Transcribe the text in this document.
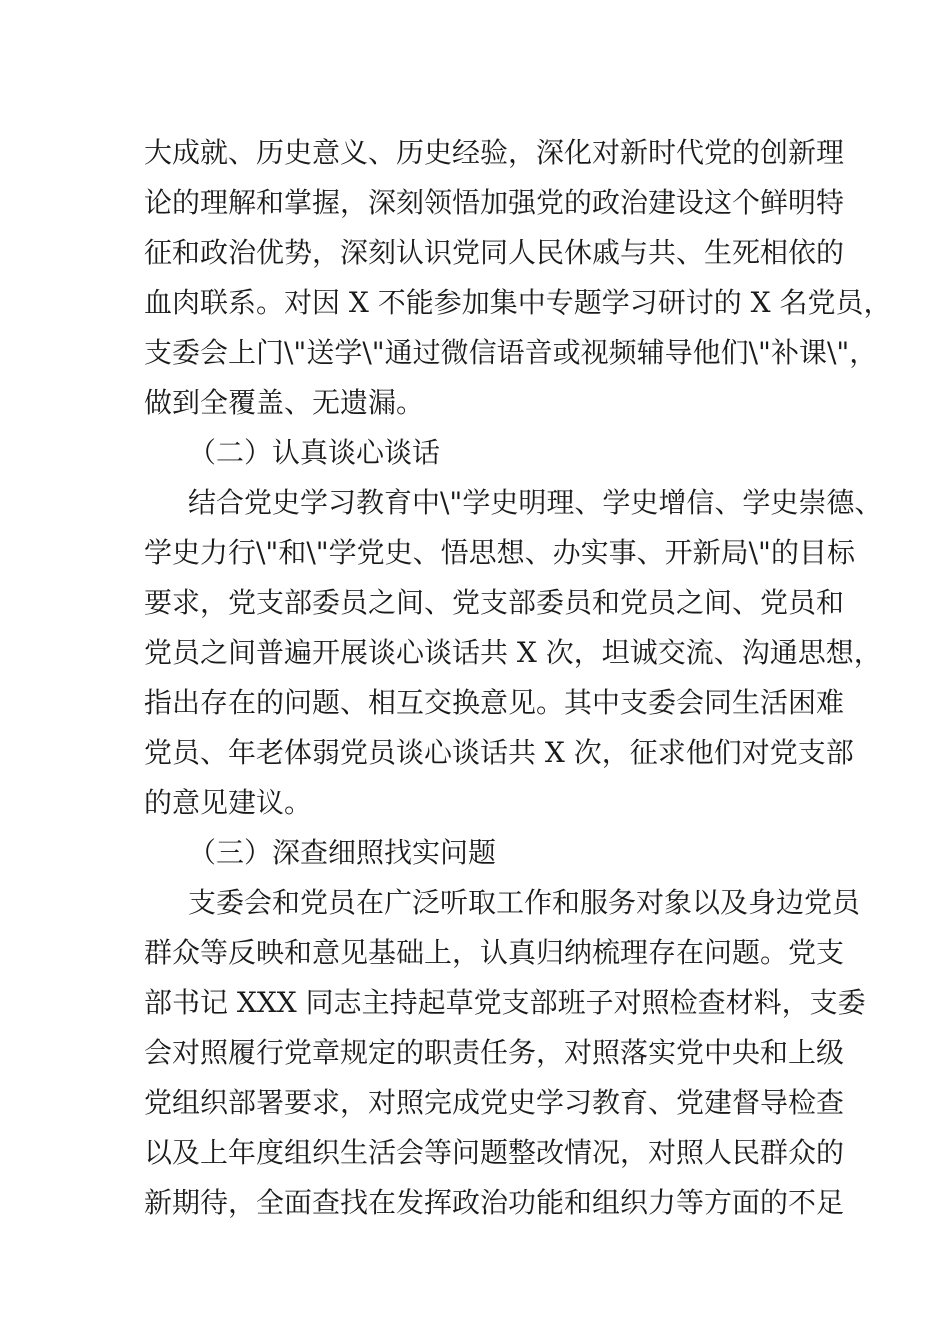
大成就、历史意义、历史经验，深化对新时代党的创新理
论的理解和掌握，深刻领悟加强党的政治建设这个鲜明特
征和政治优势，深刻认识党同人民休戚与共、生死相依的
血肉联系。对因 X 不能参加集中专题学习研讨的 X 名党员，
支委会上门\"送学\"通过微信语音或视频辅导他们\"补课\"，
做到全覆盖、无遗漏。
（二）认真谈心谈话
结合党史学习教育中\"学史明理、学史增信、学史崇德、
学史力行\"和\"学党史、悟思想、办实事、开新局\"的目标
要求，党支部委员之间、党支部委员和党员之间、党员和
党员之间普遍开展谈心谈话共 X 次，坦诚交流、沟通思想，
指出存在的问题、相互交换意见。其中支委会同生活困难
党员、年老体弱党员谈心谈话共 X 次，征求他们对党支部
的意见建议。
（三）深查细照找实问题
支委会和党员在广泛听取工作和服务对象以及身边党员
群众等反映和意见基础上，认真归纳梳理存在问题。党支
部书记 XXX 同志主持起草党支部班子对照检查材料，支委
会对照履行党章规定的职责任务，对照落实党中央和上级
党组织部署要求，对照完成党史学习教育、党建督导检查
以及上年度组织生活会等问题整改情况，对照人民群众的
新期待，全面查找在发挥政治功能和组织力等方面的不足
